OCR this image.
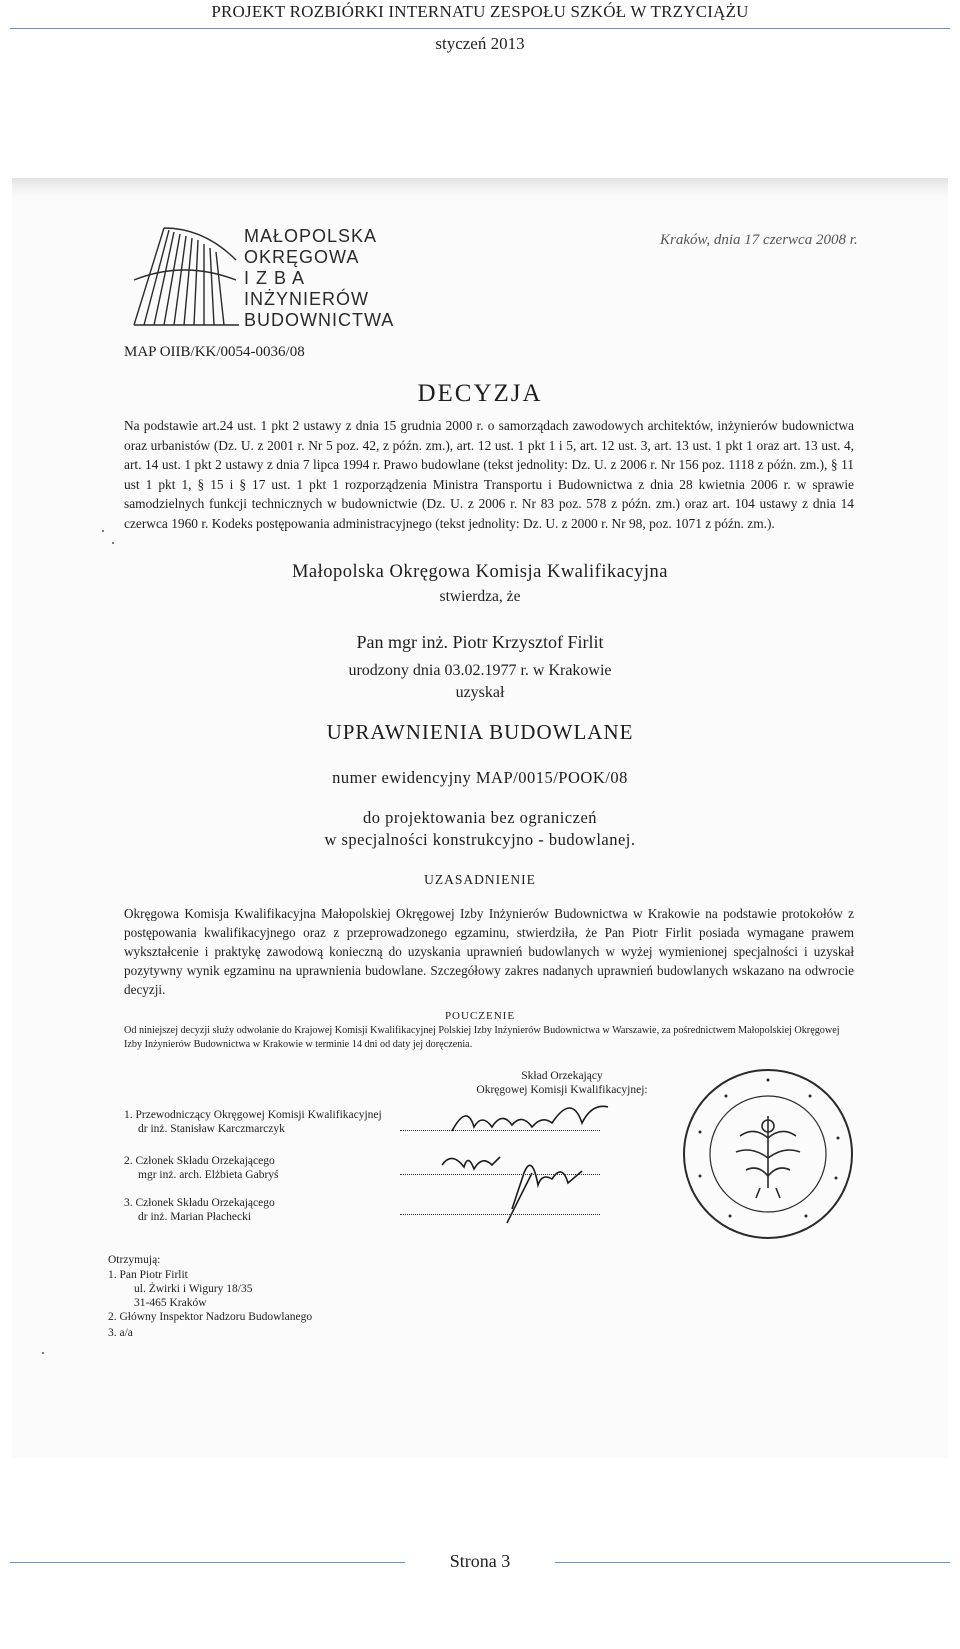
PROJEKT ROZBIÓRKI INTERNATU ZESPOŁU SZKÓŁ W TRZYCIĄŻU
styczeń 2013
MAŁOPOLSKA
OKRĘGOWA
I Z B A
INŻYNIERÓW
BUDOWNICTWA
Kraków, dnia 17 czerwca 2008 r.
MAP OIIB/KK/0054-0036/08
DECYZJA
Na podstawie art.24 ust. 1 pkt 2 ustawy z dnia 15 grudnia 2000 r. o samorządach zawodowych architektów, inżynierów budownictwa oraz urbanistów (Dz. U. z 2001 r. Nr 5 poz. 42, z późn. zm.), art. 12 ust. 1 pkt 1 i 5, art. 12 ust. 3, art. 13 ust. 1 pkt 1 oraz art. 13 ust. 4, art. 14 ust. 1 pkt 2 ustawy z dnia 7 lipca 1994 r. Prawo budowlane (tekst jednolity: Dz. U. z 2006 r. Nr 156 poz. 1118 z późn. zm.), § 11 ust 1 pkt 1, § 15 i § 17 ust. 1 pkt 1 rozporządzenia Ministra Transportu i Budownictwa z dnia 28 kwietnia 2006 r. w sprawie samodzielnych funkcji technicznych w budownictwie (Dz. U. z 2006 r. Nr 83 poz. 578 z późn. zm.) oraz art. 104 ustawy z dnia 14 czerwca 1960 r. Kodeks postępowania administracyjnego (tekst jednolity: Dz. U. z 2000 r. Nr 98, poz. 1071 z późn. zm.).
Małopolska Okręgowa Komisja Kwalifikacyjna
stwierdza, że
Pan mgr inż. Piotr Krzysztof Firlit
urodzony dnia 03.02.1977 r. w Krakowie
uzyskał
UPRAWNIENIA BUDOWLANE
numer ewidencyjny MAP/0015/POOK/08
do projektowania bez ograniczeń
w specjalności konstrukcyjno - budowlanej.
UZASADNIENIE
Okręgowa Komisja Kwalifikacyjna Małopolskiej Okręgowej Izby Inżynierów Budownictwa w Krakowie na podstawie protokołów z postępowania kwalifikacyjnego oraz z przeprowadzonego egzaminu, stwierdziła, że Pan Piotr Firlit posiada wymagane prawem wykształcenie i praktykę zawodową konieczną do uzyskania uprawnień budowlanych w wyżej wymienionej specjalności i uzyskał pozytywny wynik egzaminu na uprawnienia budowlane. Szczegółowy zakres nadanych uprawnień budowlanych wskazano na odwrocie decyzji.
POUCZENIE
Od niniejszej decyzji służy odwołanie do Krajowej Komisji Kwalifikacyjnej Polskiej Izby Inżynierów Budownictwa w Warszawie, za pośrednictwem Małopolskiej Okręgowej Izby Inżynierów Budownictwa w Krakowie w terminie 14 dni od daty jej doręczenia.
Skład Orzekający
Okręgowej Komisji Kwalifikacyjnej:
1. Przewodniczący Okręgowej Komisji Kwalifikacyjnej
dr inż. Stanisław Karczmarczyk
2. Członek Składu Orzekającego
mgr inż. arch. Elżbieta Gabryś
3. Członek Składu Orzekającego
dr inż. Marian Płachecki
Otrzymują:
1. Pan Piotr Firlit
ul. Żwirki i Wigury 18/35
31-465 Kraków
2. Główny Inspektor Nadzoru Budowlanego
3. a/a
Strona 3
